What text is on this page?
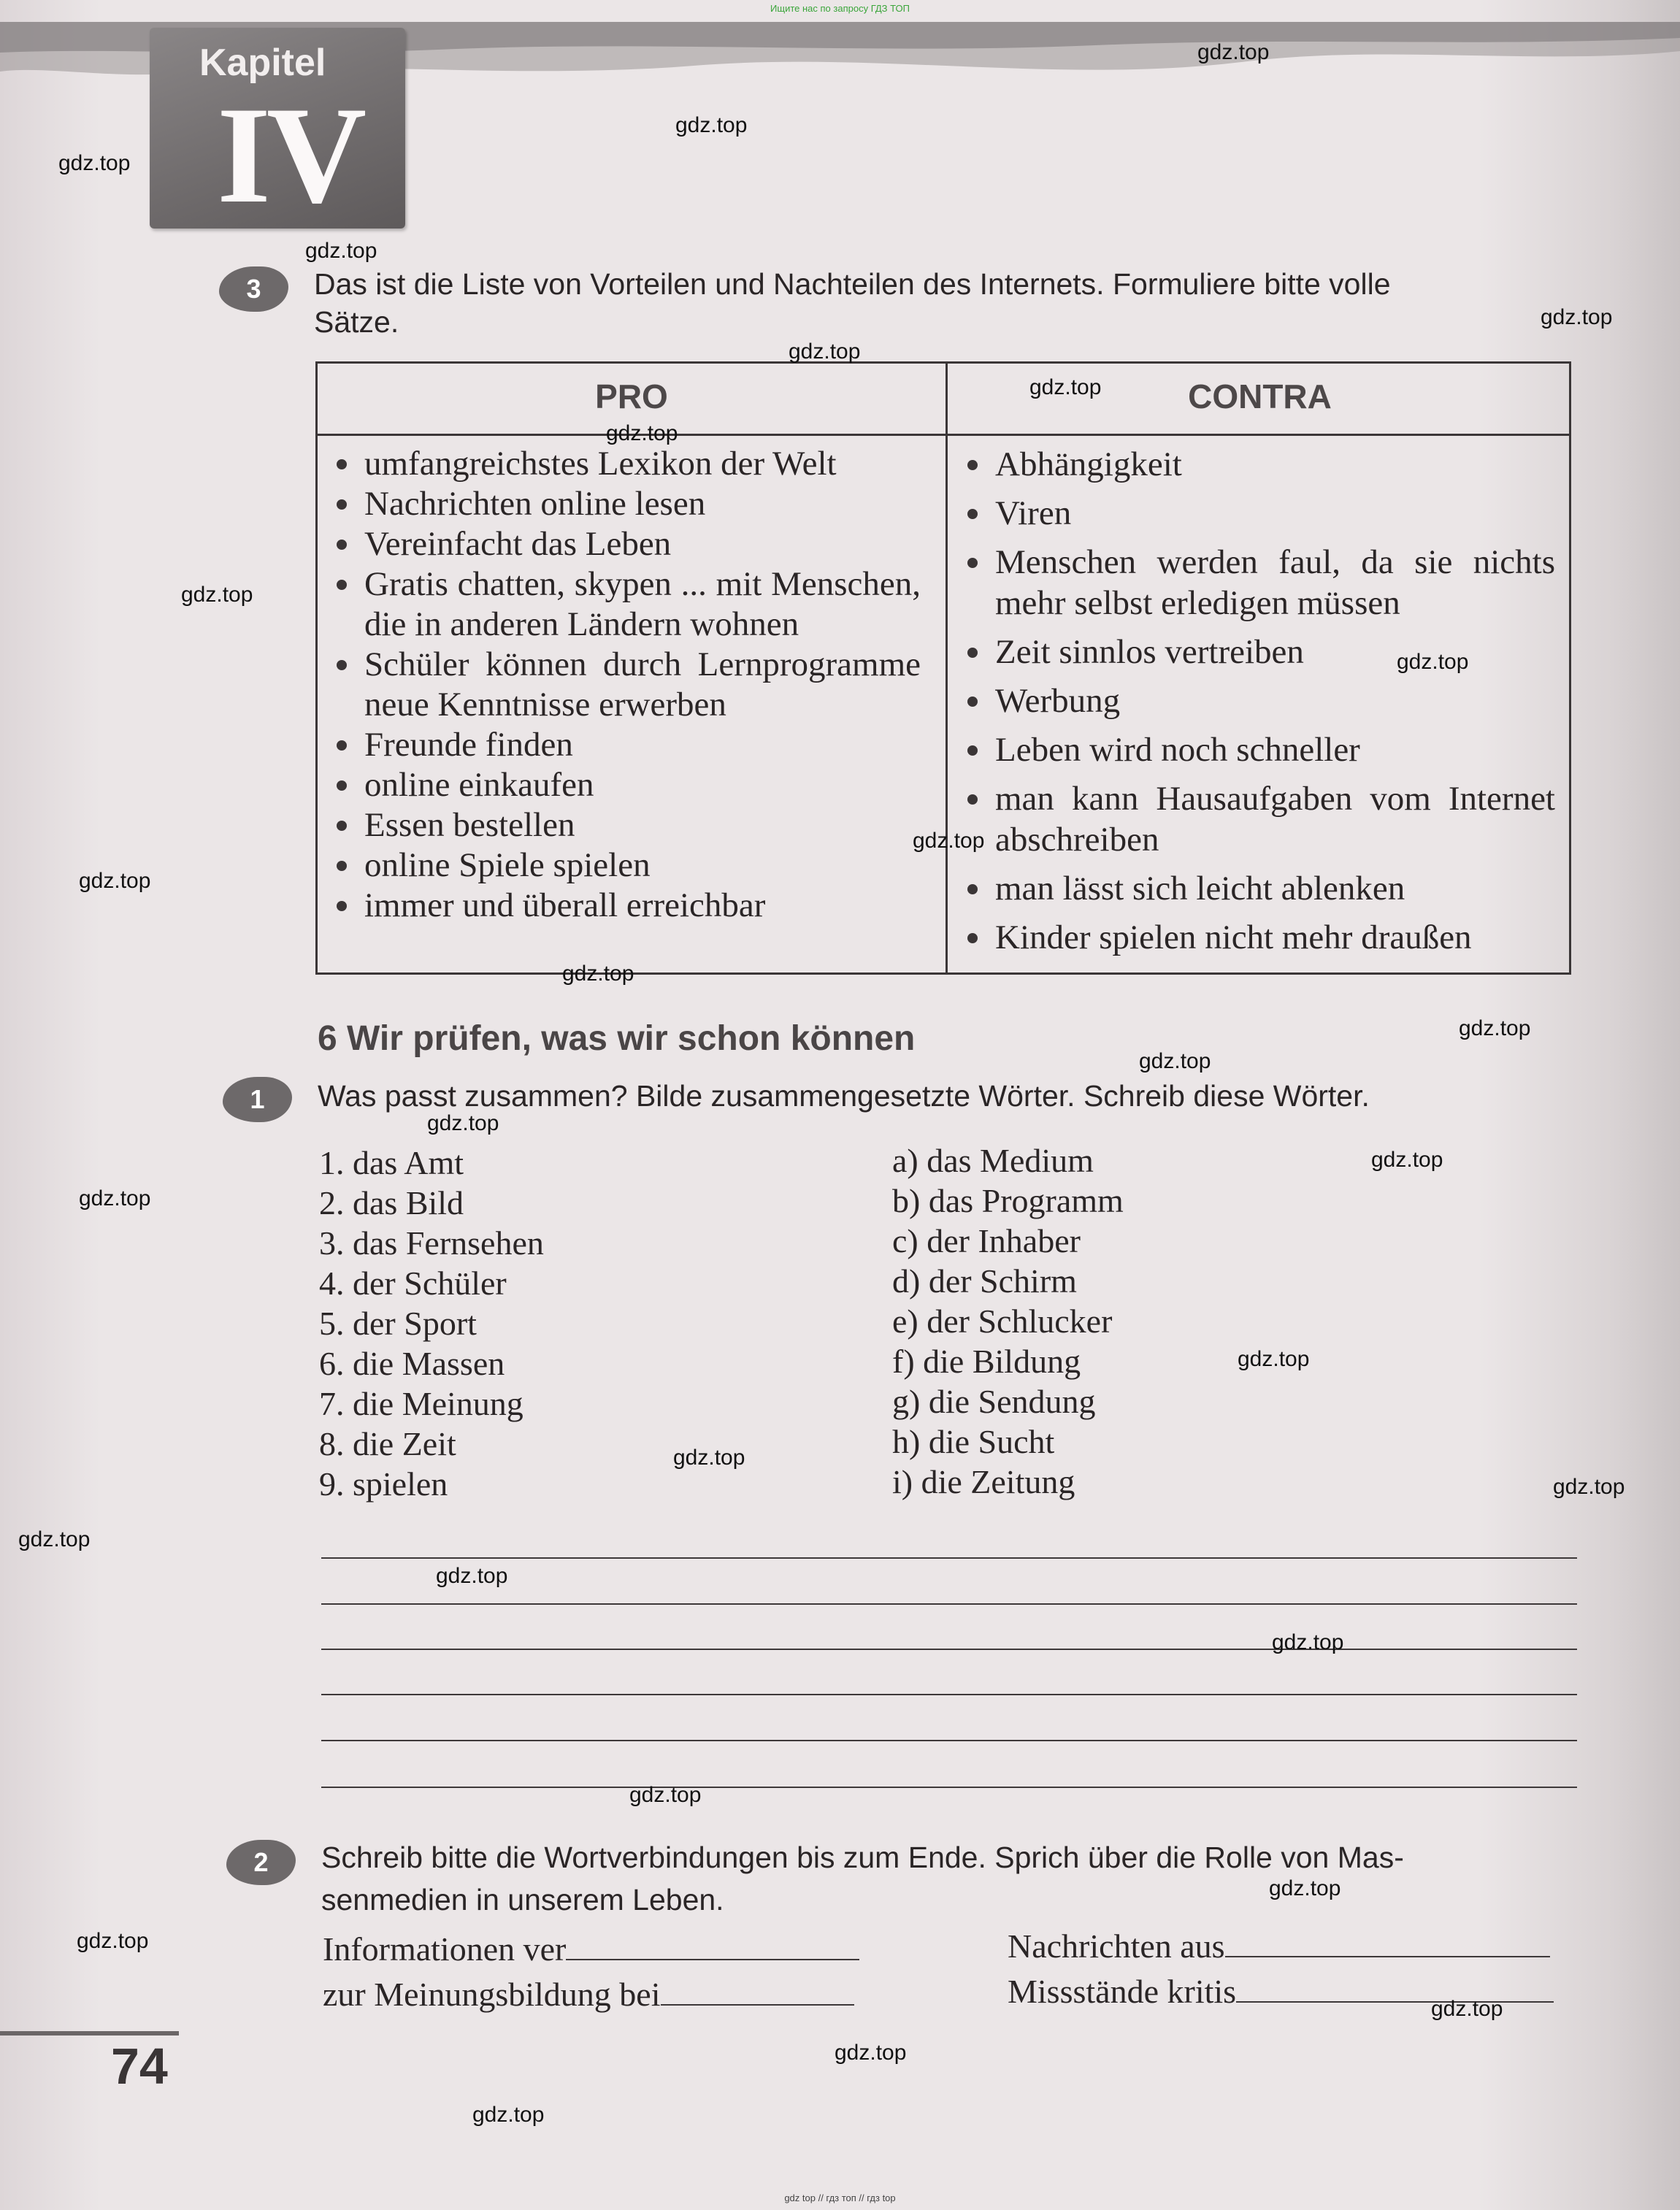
Ищите нас по запросу ГДЗ ТОП
Kapitel
IV
3	Das ist die Liste von Vorteilen und Nachteilen des Internets. Formuliere bitte volle
Sätze.
PRO	CONTRA
umfangreichstes Lexikon der Welt
Nachrichten online lesen
Vereinfacht das Leben
Gratis chatten, skypen ... mit Menschen, die in anderen Ländern wohnen
Schüler können durch Lernprogramme neue Kenntnisse erwerben
Freunde finden
online einkaufen
Essen bestellen
online Spiele spielen
immer und überall erreichbar
Abhängigkeit
Viren
Menschen werden faul, da sie nichts mehr selbst erledigen müssen
Zeit sinnlos vertreiben
Werbung
Leben wird noch schneller
man kann Hausaufgaben vom Internet abschreiben
man lässt sich leicht ablenken
Kinder spielen nicht mehr draußen
6 Wir prüfen, was wir schon können
1	Was passt zusammen? Bilde zusammengesetzte Wörter. Schreib diese Wörter.
1. das Amt
2. das Bild
3. das Fernsehen
4. der Schüler
5. der Sport
6. die Massen
7. die Meinung
8. die Zeit
9. spielen
a) das Medium
b) das Programm
c) der Inhaber
d) der Schirm
e) der Schlucker
f) die Bildung
g) die Sendung
h) die Sucht
i) die Zeitung
2	Schreib bitte die Wortverbindungen bis zum Ende. Sprich über die Rolle von Mas-
senmedien in unserem Leben.
Informationen ver
zur Meinungsbildung bei
Nachrichten aus
Missstände kritis
74
gdz.top
gdz.top
gdz.top
gdz.top
gdz.top
gdz.top
gdz.top
gdz.top
gdz.top
gdz.top
gdz.top
gdz.top
gdz.top
gdz.top
gdz.top
gdz.top
gdz.top
gdz.top
gdz.top
gdz.top
gdz.top
gdz.top
gdz.top
gdz.top
gdz.top
gdz.top
gdz.top
gdz.top
gdz.top
gdz.top
gdz top // гдз топ // гдз top
